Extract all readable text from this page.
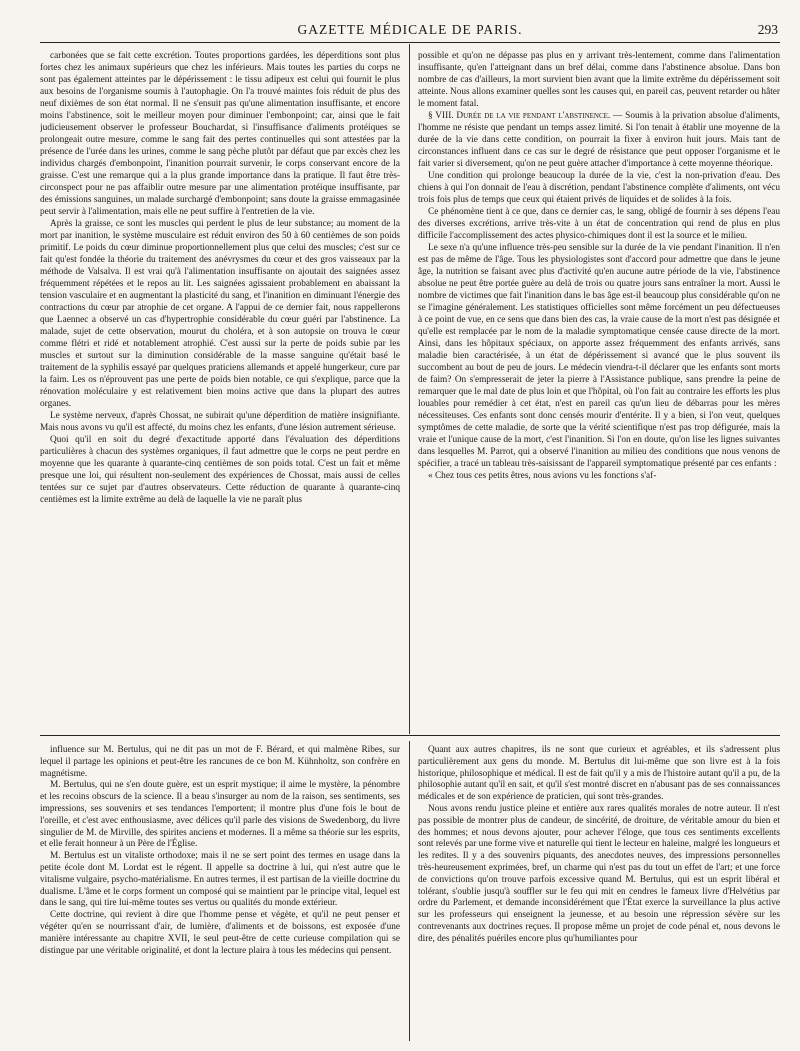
GAZETTE MÉDICALE DE PARIS.	293

carbonées que se fait cette excrétion. Toutes proportions gardées, les déperditions sont plus fortes chez les animaux supérieurs que chez les inférieurs. Mais toutes les parties du corps ne sont pas également atteintes par le dépérissement : le tissu adipeux est celui qui fournit le plus aux besoins de l'organisme soumis à l'autophagie. On l'a trouvé maintes fois réduit de plus des neuf dixièmes de son état normal. Il ne s'ensuit pas qu'une alimentation insuffisante, et encore moins l'abstinence, soit le meilleur moyen pour diminuer l'embonpoint; car, ainsi que le fait judicieusement observer le professeur Bouchardat, si l'insuffisance d'aliments protéiques se prolongeait outre mesure, comme le sang fait des pertes continuelles qui sont attestées par la présence de l'urée dans les urines, comme le sang pèche plutôt par défaut que par excès chez les individus chargés d'embonpoint, l'inanition pourrait survenir, le corps conservant encore de la graisse. C'est une remarque qui a la plus grande importance dans la pratique. Il faut être très-circonspect pour ne pas affaiblir outre mesure par une alimentation protéique insuffisante, par des émissions sanguines, un malade surchargé d'embonpoint; sans doute la graisse emmagasinée peut servir à l'alimentation, mais elle ne peut suffire à l'entretien de la vie.

Après la graisse, ce sont les muscles qui perdent le plus de leur substance; au moment de la mort par inanition, le système musculaire est réduit environ des 50 à 60 centièmes de son poids primitif. Le poids du cœur diminue proportionnellement plus que celui des muscles; c'est sur ce fait qu'est fondée la théorie du traitement des anévrysmes du cœur et des gros vaisseaux par la méthode de Valsalva. Il est vrai qu'à l'alimentation insuffisante on ajoutait des saignées assez fréquemment répétées et le repos au lit. Les saignées agissaient probablement en abaissant la tension vasculaire et en augmentant la plasticité du sang, et l'inanition en diminuant l'énergie des contractions du cœur par atrophie de cet organe. A l'appui de ce dernier fait, nous rappellerons que Laennec a observé un cas d'hypertrophie considérable du cœur guéri par l'abstinence. La malade, sujet de cette observation, mourut du choléra, et à son autopsie on trouva le cœur comme flétri et ridé et notablement atrophié. C'est aussi sur la perte de poids subie par les muscles et surtout sur la diminution considérable de la masse sanguine qu'était basé le traitement de la syphilis essayé par quelques praticiens allemands et appelé hungerkeur, cure par la faim. Les os n'éprouvent pas une perte de poids bien notable, ce qui s'explique, parce que la rénovation moléculaire y est relativement bien moins active que dans la plupart des autres organes.

Le système nerveux, d'après Chossat, ne subirait qu'une déperdition de matière insignifiante. Mais nous avons vu qu'il est affecté, du moins chez les enfants, d'une lésion autrement sérieuse.

Quoi qu'il en soit du degré d'exactitude apporté dans l'évaluation des déperditions particulières à chacun des systèmes organiques, il faut admettre que le corps ne peut perdre en moyenne que les quarante à quarante-cinq centièmes de son poids total. C'est un fait et même presque une loi, qui résultent non-seulement des expériences de Chossat, mais aussi de celles tentées sur ce sujet par d'autres observateurs. Cette réduction de quarante à quarante-cinq centièmes est la limite extrême au delà de laquelle la vie ne paraît plus

possible et qu'on ne dépasse pas plus en y arrivant très-lentement, comme dans l'alimentation insuffisante, qu'en l'atteignant dans un bref délai, comme dans l'abstinence absolue. Dans bon nombre de cas d'ailleurs, la mort survient bien avant que la limite extrême du dépérissement soit atteinte. Nous allons examiner quelles sont les causes qui, en pareil cas, peuvent retarder ou hâter le moment fatal.

§ VIII. Durée de la vie pendant l'abstinence. — Soumis à la privation absolue d'aliments, l'homme ne résiste que pendant un temps assez limité. Si l'on tenait à établir une moyenne de la durée de la vie dans cette condition, on pourrait la fixer à environ huit jours. Mais tant de circonstances influent dans ce cas sur le degré de résistance que peut opposer l'organisme et le fait varier si diversement, qu'on ne peut guère attacher d'importance à cette moyenne théorique.

Une condition qui prolonge beaucoup la durée de la vie, c'est la non-privation d'eau. Des chiens à qui l'on donnait de l'eau à discrétion, pendant l'abstinence complète d'aliments, ont vécu trois fois plus de temps que ceux qui étaient privés de liquides et de solides à la fois.

Ce phénomène tient à ce que, dans ce dernier cas, le sang, obligé de fournir à ses dépens l'eau des diverses excrétions, arrive très-vite à un état de concentration qui rend de plus en plus difficile l'accomplissement des actes physico-chimiques dont il est la source et le milieu.

Le sexe n'a qu'une influence très-peu sensible sur la durée de la vie pendant l'inanition. Il n'en est pas de même de l'âge. Tous les physiologistes sont d'accord pour admettre que dans le jeune âge, la nutrition se faisant avec plus d'activité qu'en aucune autre période de la vie, l'abstinence absolue ne peut être portée guère au delà de trois ou quatre jours sans entraîner la mort. Aussi le nombre de victimes que fait l'inanition dans le bas âge est-il beaucoup plus considérable qu'on ne se l'imagine généralement. Les statistiques officielles sont même forcément un peu défectueuses à ce point de vue, en ce sens que dans bien des cas, la vraie cause de la mort n'est pas désignée et qu'elle est remplacée par le nom de la maladie symptomatique censée cause directe de la mort. Ainsi, dans les hôpitaux spéciaux, on apporte assez fréquemment des enfants arrivés, sans maladie bien caractérisée, à un état de dépérissement si avancé que le plus souvent ils succombent au bout de peu de jours. Le médecin viendra-t-il déclarer que les enfants sont morts de faim? On s'empresserait de jeter la pierre à l'Assistance publique, sans prendre la peine de remarquer que le mal date de plus loin et que l'hôpital, où l'on fait au contraire les efforts les plus louables pour remédier à cet état, n'est en pareil cas qu'un lieu de débarras pour les mères nécessiteuses. Ces enfants sont donc censés mourir d'entérite. Il y a bien, si l'on veut, quelques symptômes de cette maladie, de sorte que la vérité scientifique n'est pas trop défigurée, mais la vraie et l'unique cause de la mort, c'est l'inanition. Si l'on en doute, qu'on lise les lignes suivantes dans lesquelles M. Parrot, qui a observé l'inanition au milieu des conditions que nous venons de spécifier, a tracé un tableau très-saisissant de l'appareil symptomatique présenté par ces enfants :

« Chez tous ces petits êtres, nous avions vu les fonctions s'af-

influence sur M. Bertulus, qui ne dit pas un mot de F. Bérard, et qui malmène Ribes, sur lequel il partage les opinions et peut-être les rancunes de ce bon M. Kühnholtz, son confrère en magnétisme.

M. Bertulus, qui ne s'en doute guère, est un esprit mystique; il aime le mystère, la pénombre et les recoins obscurs de la science. Il a beau s'insurger au nom de la raison, ses sentiments, ses impressions, ses souvenirs et ses tendances l'emportent; il montre plus d'une fois le bout de l'oreille, et c'est avec enthousiasme, avec délices qu'il parle des visions de Swedenborg, du livre singulier de M. de Mirville, des spirites anciens et modernes. Il a même sa théorie sur les esprits, et elle ferait honneur à un Père de l'Église.

M. Bertulus est un vitaliste orthodoxe; mais il ne se sert point des termes en usage dans la petite école dont M. Lordat est le régent. Il appelle sa doctrine à lui, qui n'est autre que le vitalisme vulgaire, psycho-matérialisme. En autres termes, il est partisan de la vieille doctrine du dualisme. L'âme et le corps forment un composé qui se maintient par le principe vital, lequel est dans le sang, qui tire lui-même toutes ses vertus ou qualités du monde extérieur.

Cette doctrine, qui revient à dire que l'homme pense et végète, et qu'il ne peut penser et végéter qu'en se nourrissant d'air, de lumière, d'aliments et de boissons, est exposée d'une manière intéressante au chapitre XVII, le seul peut-être de cette curieuse compilation qui se distingue par une véritable originalité, et dont la lecture plaira à tous les médecins qui pensent.

Quant aux autres chapitres, ils ne sont que curieux et agréables, et ils s'adressent plus particulièrement aux gens du monde. M. Bertulus dit lui-même que son livre est à la fois historique, philosophique et médical. Il est de fait qu'il y a mis de l'histoire autant qu'il a pu, de la philosophie autant qu'il en sait, et qu'il s'est montré discret en n'abusant pas de ses connaissances médicales et de son expérience de praticien, qui sont très-grandes.

Nous avons rendu justice pleine et entière aux rares qualités morales de notre auteur. Il n'est pas possible de montrer plus de candeur, de sincérité, de droiture, de véritable amour du bien et des hommes; et nous devons ajouter, pour achever l'éloge, que tous ces sentiments excellents sont relevés par une forme vive et naturelle qui tient le lecteur en haleine, malgré les longueurs et les redites. Il y a des souvenirs piquants, des anecdotes neuves, des impressions personnelles très-heureusement exprimées, bref, un charme qui n'est pas du tout un effet de l'art; et une force de convictions qu'on trouve parfois excessive quand M. Bertulus, qui est un esprit libéral et tolérant, s'oublie jusqu'à souffler sur le feu qui mit en cendres le fameux livre d'Helvétius par ordre du Parlement, et demande inconsidérément que l'État exerce la surveillance la plus active sur les professeurs qui enseignent la jeunesse, et au besoin une répression sévère sur les contrevenants aux doctrines reçues. Il propose même un projet de code pénal et, nous devons le dire, des pénalités puériles encore plus qu'humiliantes pour
